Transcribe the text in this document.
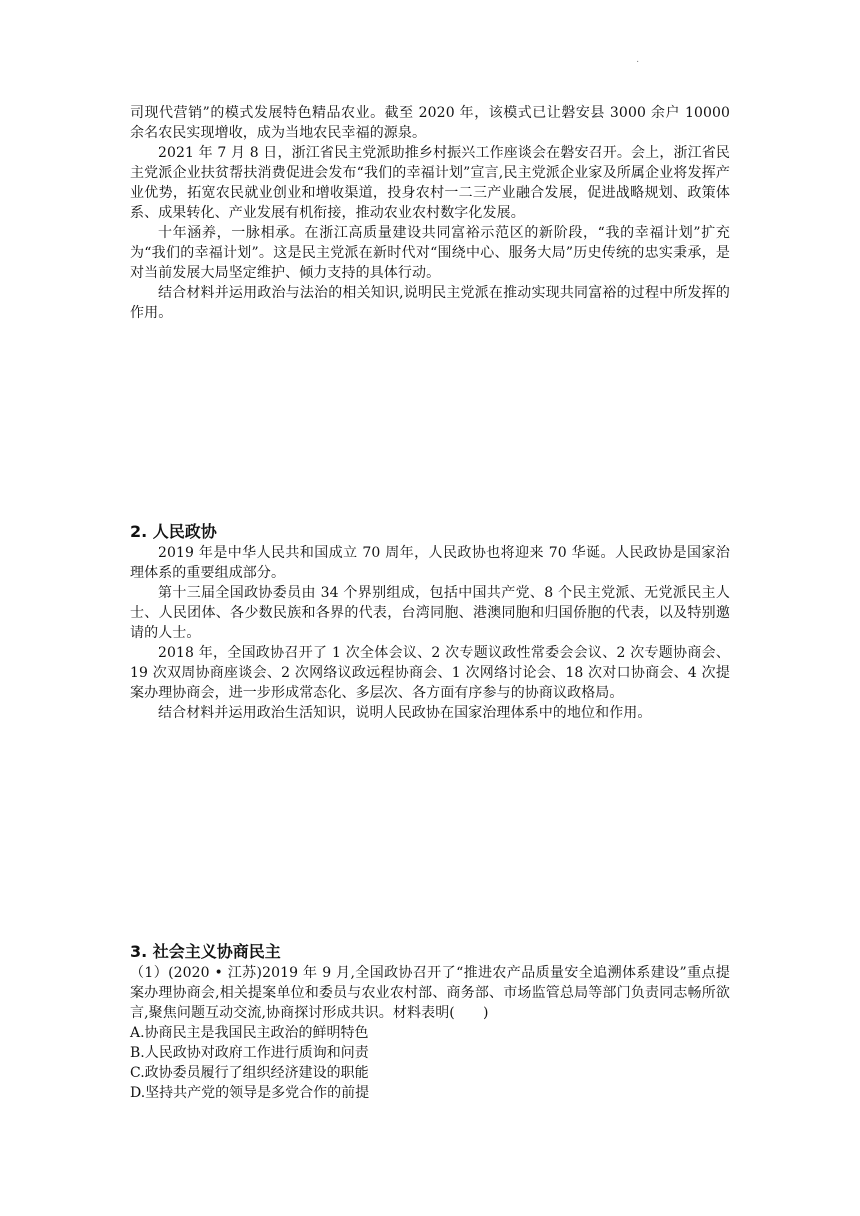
·

司现代营销”的模式发展特色精品农业。截至 2020 年，该模式已让磐安县 3000 余户 10000 余名农民实现增收，成为当地农民幸福的源泉。

2021 年 7 月 8 日，浙江省民主党派助推乡村振兴工作座谈会在磐安召开。会上，浙江省民主党派企业扶贫帮扶消费促进会发布“我们的幸福计划”宣言,民主党派企业家及所属企业将发挥产业优势，拓宽农民就业创业和增收渠道，投身农村一二三产业融合发展，促进战略规划、政策体系、成果转化、产业发展有机衔接，推动农业农村数字化发展。

十年涵养，一脉相承。在浙江高质量建设共同富裕示范区的新阶段，“我的幸福计划”扩充为“我们的幸福计划”。这是民主党派在新时代对“围绕中心、服务大局”历史传统的忠实秉承，是对当前发展大局坚定维护、倾力支持的具体行动。

结合材料并运用政治与法治的相关知识,说明民主党派在推动实现共同富裕的过程中所发挥的作用。

2. 人民政协

2019 年是中华人民共和国成立 70 周年，人民政协也将迎来 70 华诞。人民政协是国家治理体系的重要组成部分。

第十三届全国政协委员由 34 个界别组成，包括中国共产党、8 个民主党派、无党派民主人士、人民团体、各少数民族和各界的代表，台湾同胞、港澳同胞和归国侨胞的代表，以及特别邀请的人士。

2018 年，全国政协召开了 1 次全体会议、2 次专题议政性常委会会议、2 次专题协商会、19 次双周协商座谈会、2 次网络议政远程协商会、1 次网络讨论会、18 次对口协商会、4 次提案办理协商会，进一步形成常态化、多层次、各方面有序参与的协商议政格局。

结合材料并运用政治生活知识，说明人民政协在国家治理体系中的地位和作用。

3. 社会主义协商民主

（1）(2020 • 江苏)2019 年 9 月,全国政协召开了“推进农产品质量安全追溯体系建设”重点提案办理协商会,相关提案单位和委员与农业农村部、商务部、市场监管总局等部门负责同志畅所欲言,聚焦问题互动交流,协商探讨形成共识。材料表明(　　)

A.协商民主是我国民主政治的鲜明特色

B.人民政协对政府工作进行质询和问责

C.政协委员履行了组织经济建设的职能

D.坚持共产党的领导是多党合作的前提
